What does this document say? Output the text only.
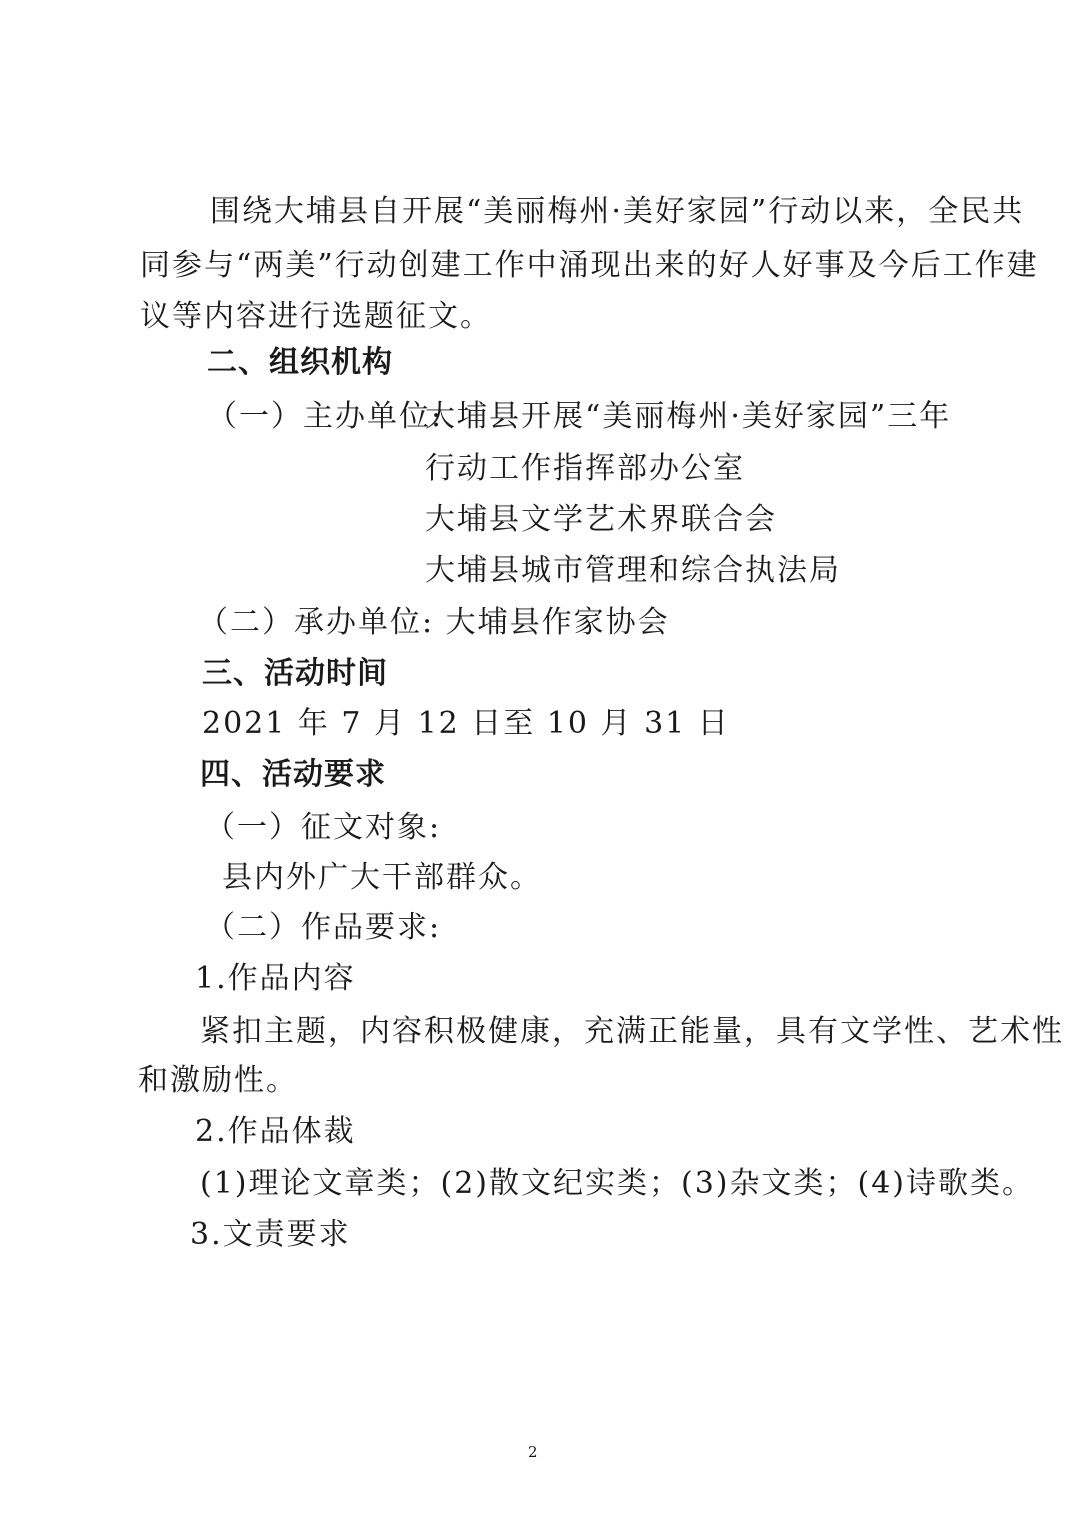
围绕大埔县自开展“美丽梅州·美好家园”行动以来，全民共
同参与“两美”行动创建工作中涌现出来的好人好事及今后工作建
议等内容进行选题征文。
二、组织机构
（一）主办单位:
大埔县开展“美丽梅州·美好家园”三年
行动工作指挥部办公室
大埔县文学艺术界联合会
大埔县城市管理和综合执法局
（二）承办单位: 大埔县作家协会
三、活动时间
2021 年 7 月 12 日至 10 月 31 日
四、活动要求
（一）征文对象:
县内外广大干部群众。
（二）作品要求:
1.作品内容
紧扣主题，内容积极健康，充满正能量，具有文学性、艺术性
和激励性。
2.作品体裁
(1)理论文章类；(2)散文纪实类；(3)杂文类；(4)诗歌类。
3.文责要求
2
